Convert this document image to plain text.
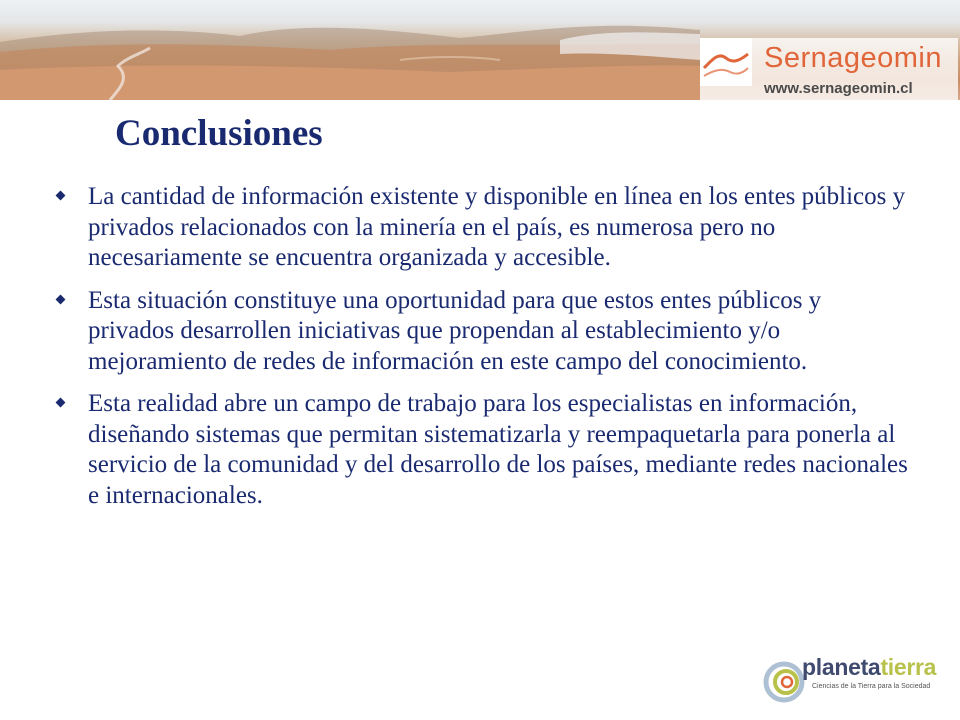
Sernageomin
www.sernageomin.cl
Conclusiones
La cantidad de información existente y disponible en línea en los entes públicos y privados relacionados con la minería en el país, es numerosa pero no necesariamente se encuentra organizada y accesible.
Esta situación constituye una oportunidad para que estos entes públicos y privados desarrollen iniciativas que propendan al establecimiento y/o mejoramiento de redes de información en este campo del conocimiento.
Esta realidad abre un campo de trabajo para los especialistas en información, diseñando sistemas que permitan sistematizarla y reempaquetarla para ponerla al servicio de la comunidad y del desarrollo de los países, mediante redes nacionales e internacionales.
planetatierra
Ciencias de la Tierra para la Sociedad
